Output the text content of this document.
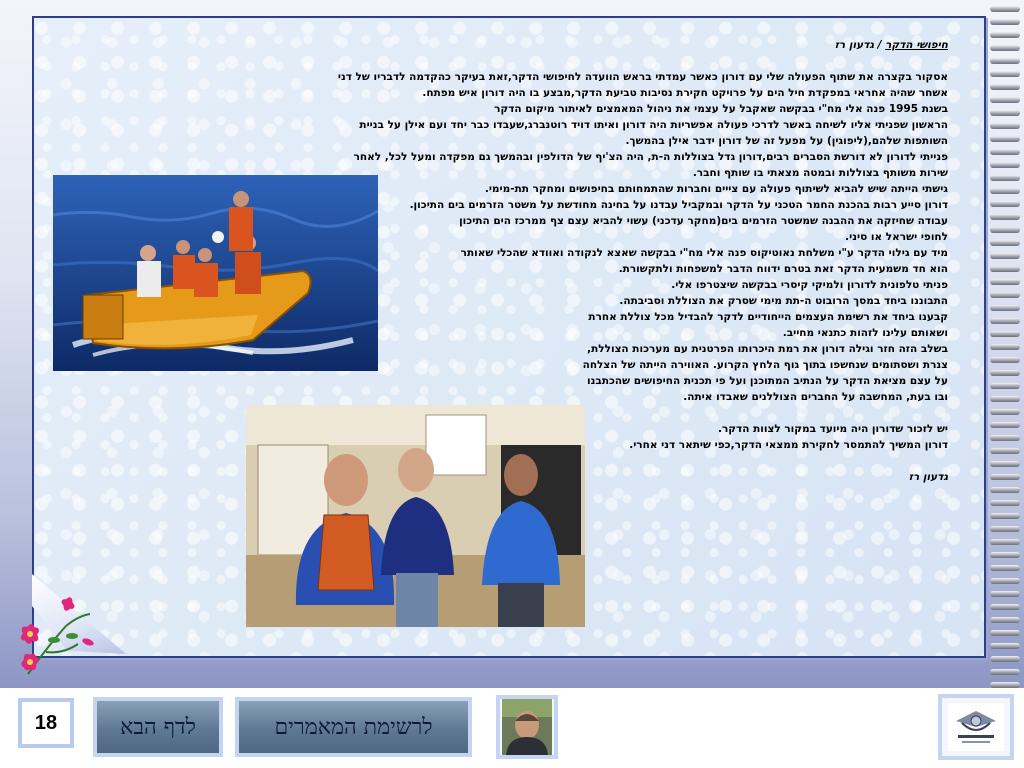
חיפושי הדקר / גדעון רז

אסקור בקצרה את שתוף הפעולה שלי עם דורון כאשר עמדתי בראש הוועדה לחיפושי הדקר,זאת בעיקר כהקדמה לדבריו של דני

אשחר שהיה אחראי במפקדת חיל הים על פרויקט חקירת נסיבות טביעת הדקר,מבצע בו היה דורון איש מפתח.

בשנת 1995 פנה אלי מח"י בבקשה שאקבל על עצמי את ניהול המאמצים לאיתור מיקום הדקר

הראשון שפניתי אליו לשיחה באשר לדרכי פעולה אפשריות היה דורון ואיתו דויד רוטנברג,שעבדו כבר יחד ועם אילן על בניית

השותפות שלהם,(ליפוגין) על מפעל זה של דורון ידבר אילן בהמשך.

פנייתי לדורון לא דורשת הסברים רבים,דורון גדל בצוללות ה-ת, היה הצ'יף של הדולפין ובהמשך גם מפקדה ומעל לכל, לאחר

שירות משותף בצוללות ובמטה מצאתי בו שותף וחבר.

גישתי הייתה שיש להביא לשיתוף פעולה עם צייים וחברות שהתמחותם בחיפושים ומחקר תת-מימי.

דורון סייע רבות בהכנת החמר הטכני על הדקר ובמקביל עבדנו על בחינה מחודשת על משטר הזרמים בים התיכון.

עבודה שחיזקה את ההבנה שמשטר הזרמים בים(מחקר עדכני) עשוי להביא עצם צף ממרכז הים התיכון

לחופי ישראל או סיני.

מיד עם גילוי הדקר ע"י משלחת נאוטיקוס פנה אלי מח"י בבקשה שאצא לנקודה ואוודא שהכלי שאותר

הוא חד משמעית הדקר זאת בטרם ידווח הדבר למשפחות ולתקשורת.

פניתי טלפונית לדורון ולמיקי קיסרי בבקשה שיצטרפו אלי.

התבוננו ביחד במסך הרובוט ה-תת מימי שסרק את הצוללת וסביבתה.

קבענו ביחד את רשימת העצמים הייחודיים לדקר להבדיל מכל צוללת אחרת

ושאותם עלינו לזהות כתנאי מחייב.

בשלב הזה חזר וגילה דורון את רמת היכרותו הפרטנית עם מערכות הצוללת,

צנרת ושסתומים שנחשפו בתוך גוף הלחץ הקרוע. האווירה הייתה של הצלחה

על עצם מציאת הדקר על הנתיב המתוכנן ועל פי תכנית החיפושים שהכתבנו

ובו בעת, המחשבה על החברים הצוללנים שאבדו איתה.

יש לזכור שדורון היה מיועד במקור לצוות הדקר.

דורון המשיך להתמסר לחקירת ממצאי הדקר,כפי שיתאר דני אחרי.

גדעון רז

18	לדף הבא	לרשימת המאמרים
